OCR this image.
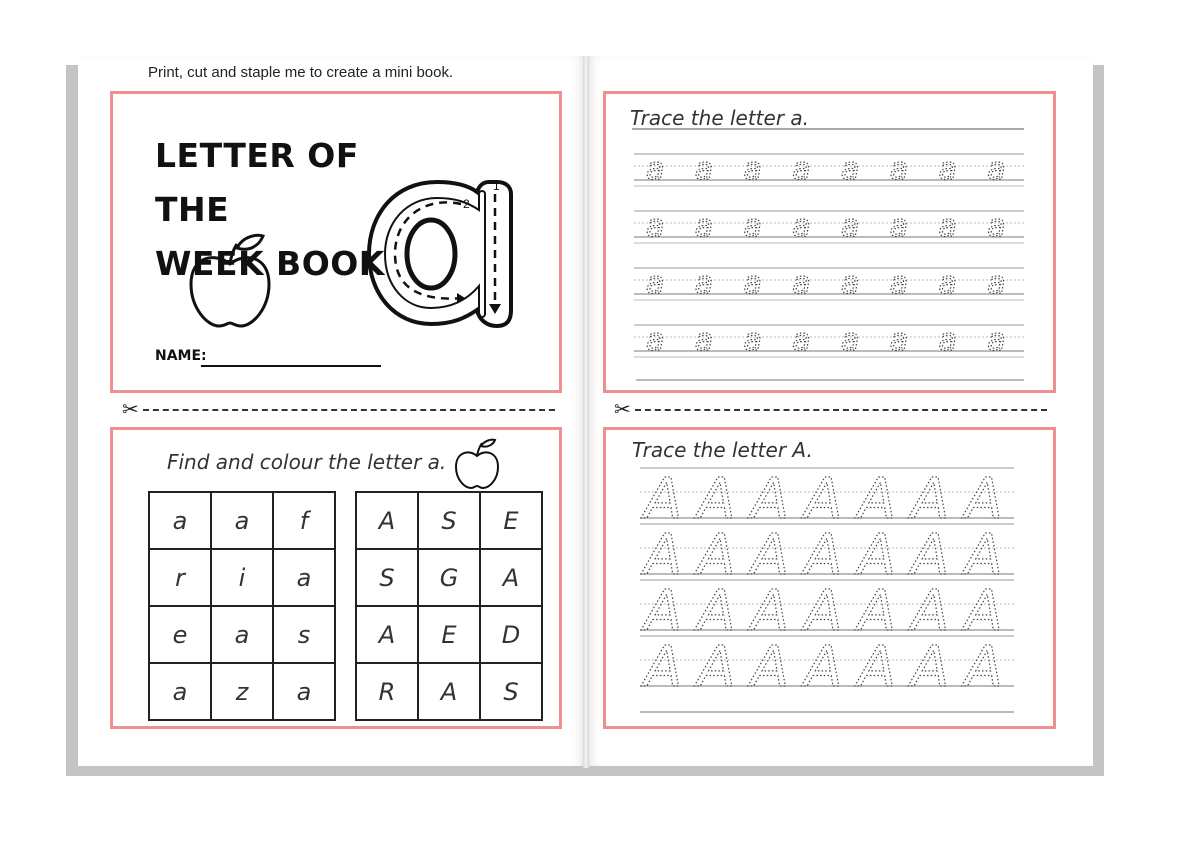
Print, cut and staple me to create a mini book.

LETTER OF THE
WEEK BOOK
1
2
NAME:
Trace the letter a.
a a a a a a a a
a a a a a a a a
a a a a a a a a
a a a a a a a a
✂	✂
Find and colour the letter a.
a	a	f
r	i	a
e	a	s
a	z	a
A	S	E
S	G	A
A	E	D
R	A	S
Trace the letter A.
A A A A A A A
A A A A A A A
A A A A A A A
A A A A A A A
